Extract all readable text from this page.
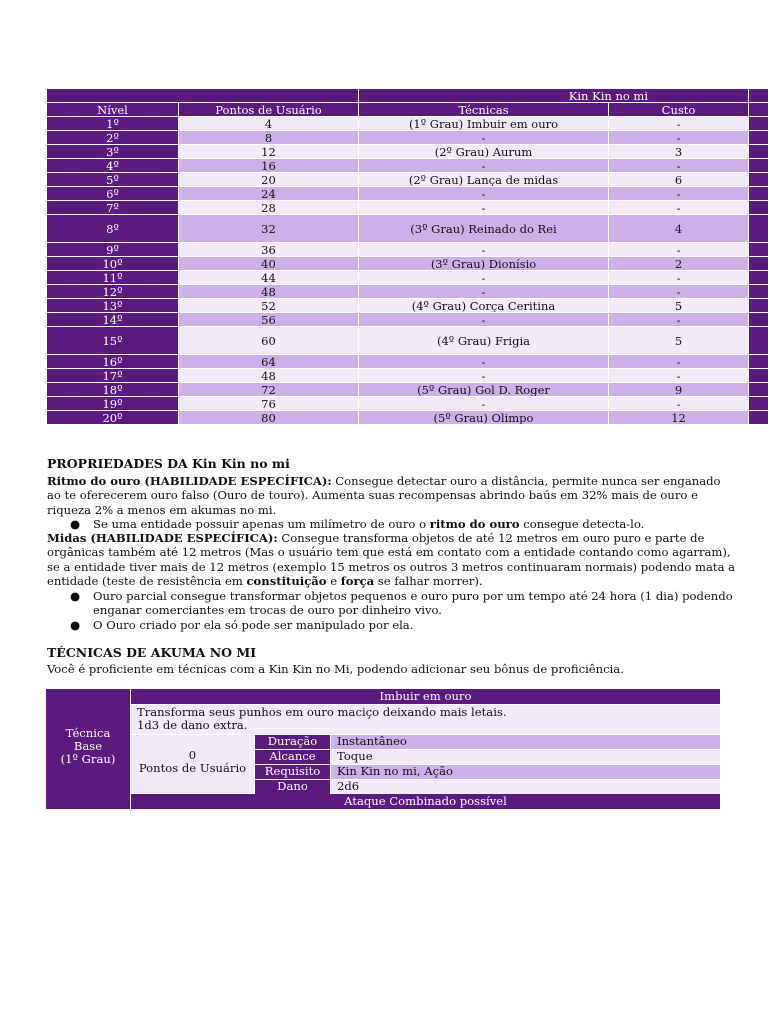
		Kin Kin no mi		
Nível	Pontos de Usuário	Técnicas	Custo	
1º	4	(1º Grau) Imbuir em ouro	-	
2º	8	-	-	
3º	12	(2º Grau) Aurum	3	
4º	16	-	-	
5º	20	(2º Grau) Lança de midas	6	
6º	24	-	-	
7º	28	-	-	
8º	32	(3º Grau) Reinado do Rei	4	
9º	36	-	-	
10º	40	(3º Grau) Dionísio	2	
11º	44	-	-	
12º	48	-	-	
13º	52	(4º Grau) Corça Ceritina	5	
14º	56	-	-	
15º	60	(4º Grau) Frigia	5	
16º	64	-	-	
17º	48	-	-	
18º	72	(5º Grau) Gol D. Roger	9	
19º	76	-	-	
20º	80	(5º Grau) Olimpo	12	
PROPRIEDADES DA Kin Kin no mi
Ritmo do ouro (HABILIDADE ESPECÍFICA): Consegue detectar ouro a distância, permite nunca ser enganado ao te oferecerem ouro falso (Ouro de touro). Aumenta suas recompensas abrindo baús em 32% mais de ouro e riqueza 2% a menos em akumas no mi.
● Se uma entidade possuir apenas um milímetro de ouro o ritmo do ouro consegue detecta-lo.
Midas (HABILIDADE ESPECÍFICA): Consegue transforma objetos de até 12 metros em ouro puro e parte de orgânicas também até 12 metros (Mas o usuário tem que está em contato com a entidade contando como agarram), se a entidade tiver mais de 12 metros (exemplo 15 metros os outros 3 metros continuaram normais) podendo mata a entidade (teste de resistência em constituição e força se falhar morrer).
● Ouro parcial consegue transformar objetos pequenos e ouro puro por um tempo até 24 hora (1 dia) podendo enganar comerciantes em trocas de ouro por dinheiro vivo.
● O Ouro criado por ela só pode ser manipulado por ela.
TÉCNICAS DE AKUMA NO MI
Você é proficiente em técnicas com a Kin Kin no Mi, podendo adicionar seu bônus de proficiência.
Técnica
Base
(1º Grau)
Imbuir em ouro
Transforma seus punhos em ouro maciço deixando mais letais.
1d3 de dano extra.
0
Pontos de Usuário
Duração	Instantâneo
Alcance	Toque
Requisito	Kin Kin no mi, Ação
Dano	2d6
Ataque Combinado possível
